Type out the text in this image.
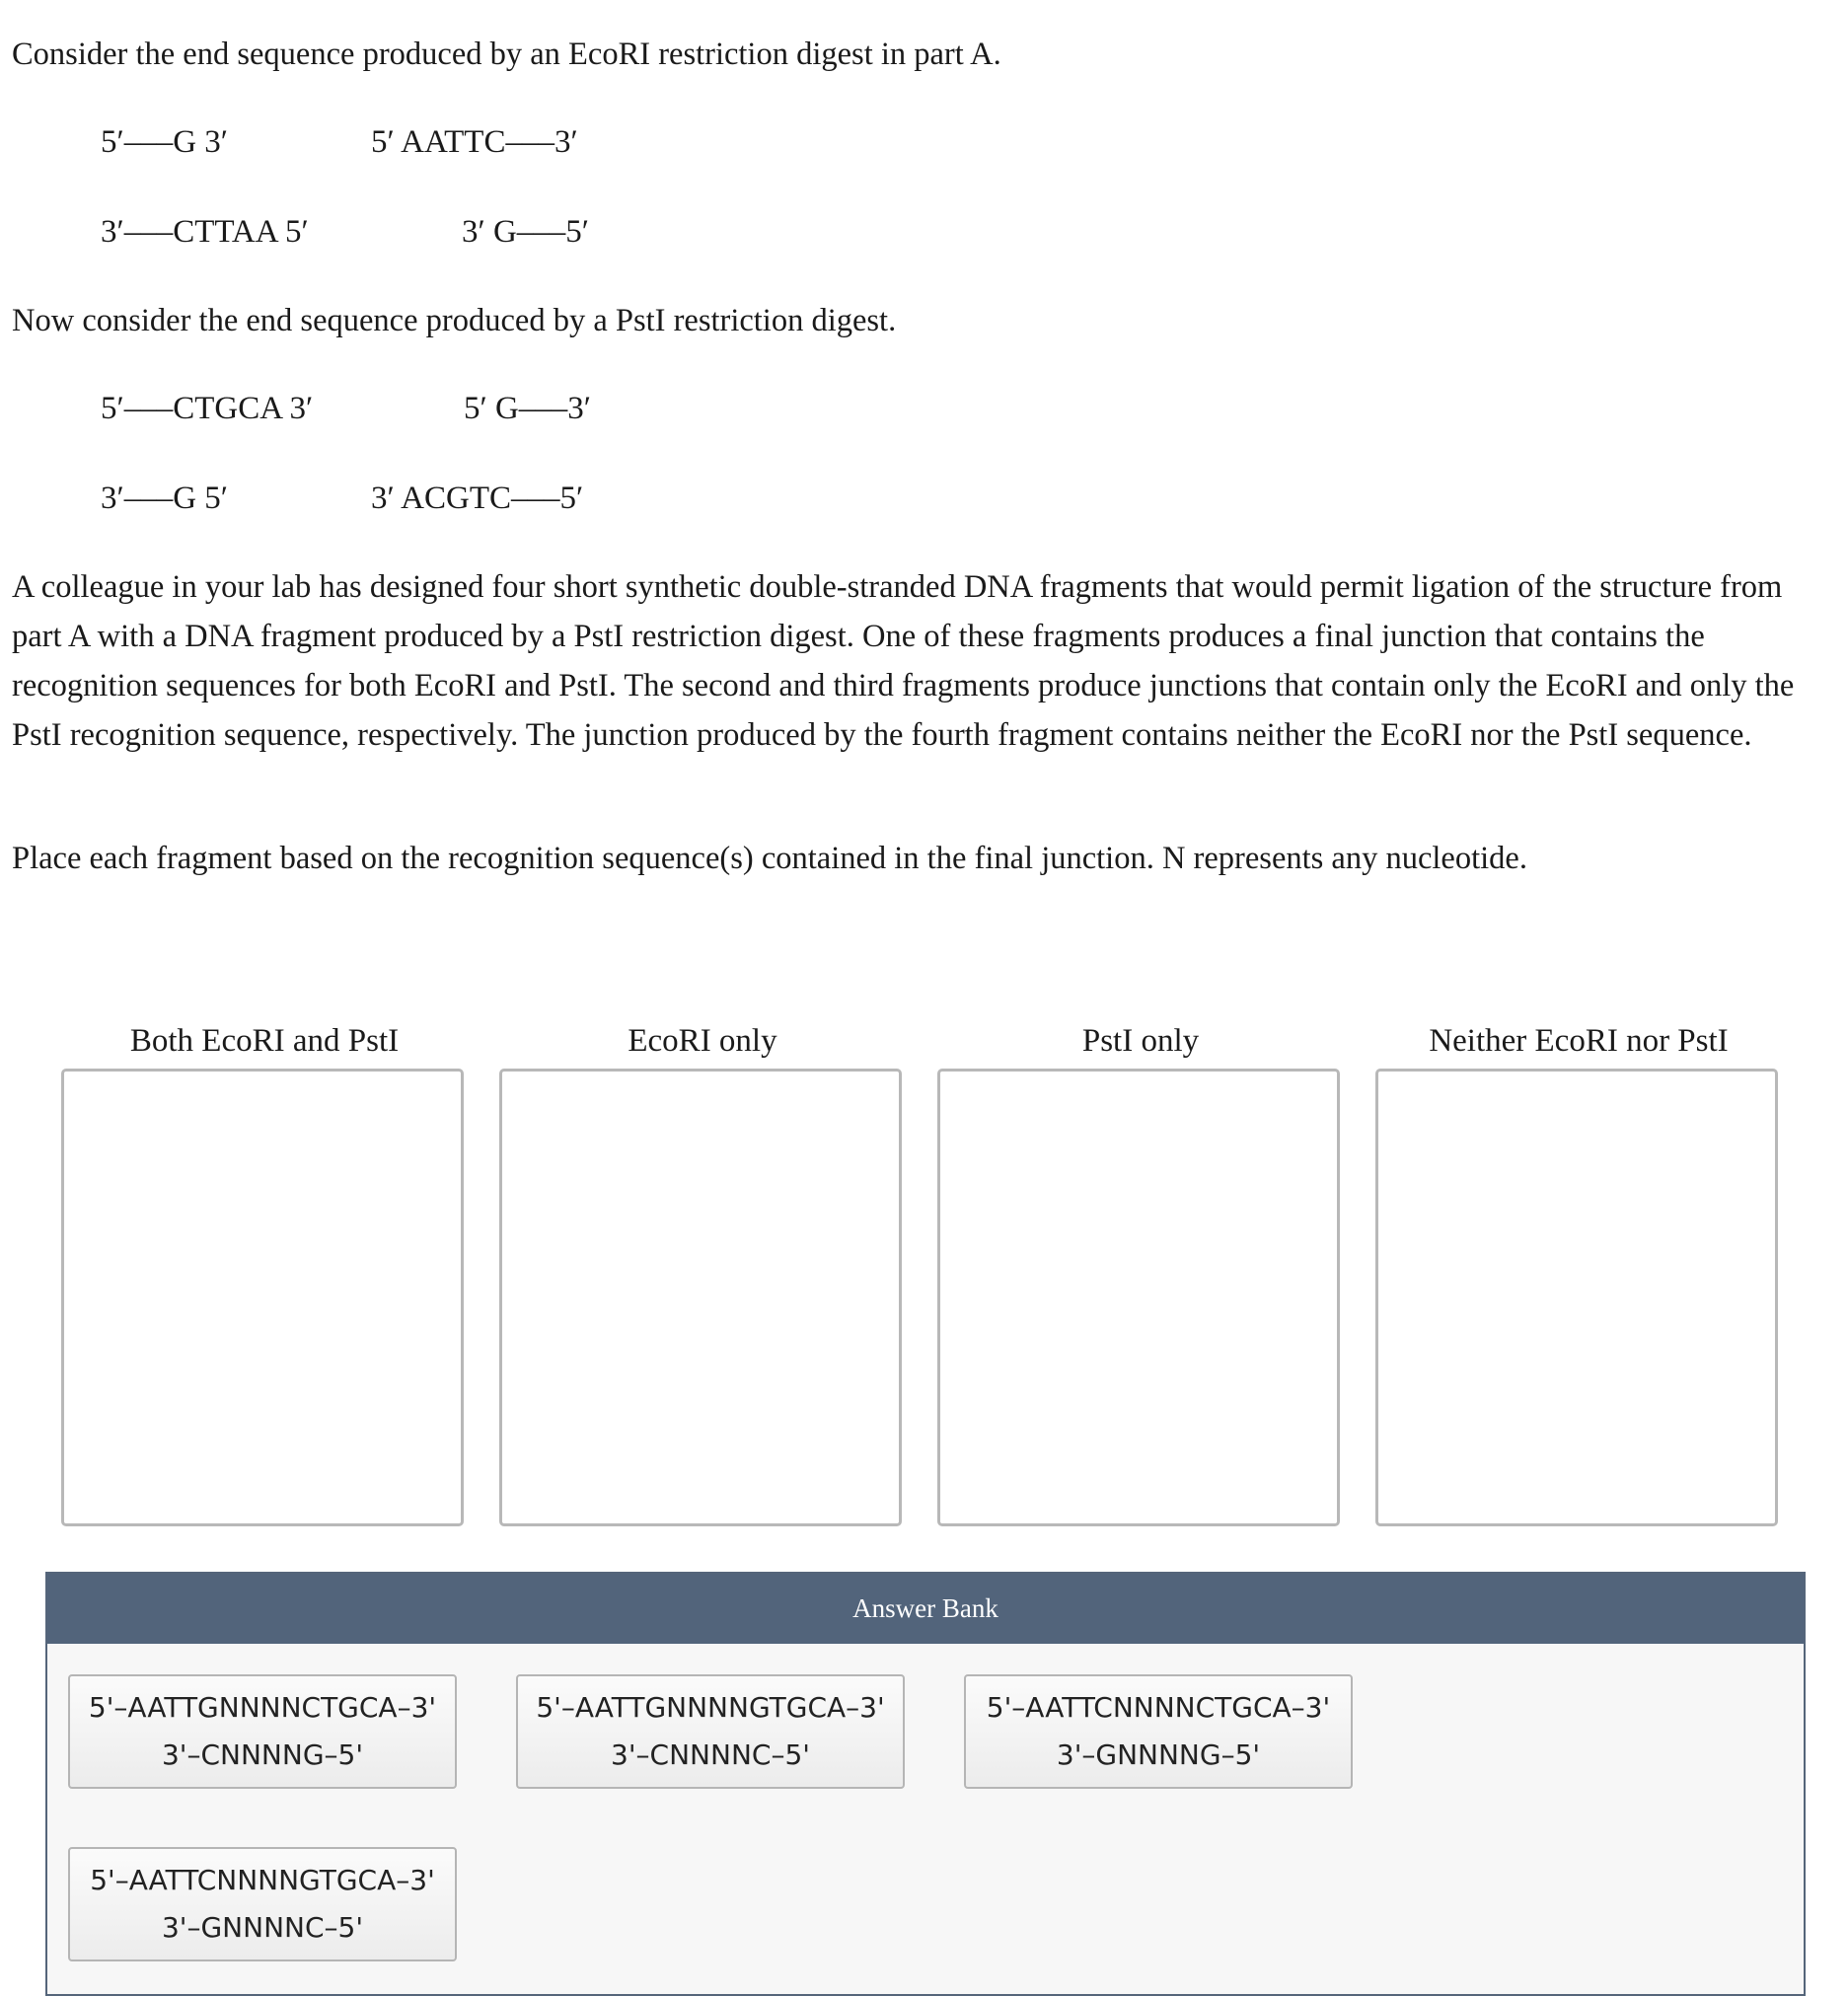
Consider the end sequence produced by an EcoRI restriction digest in part A.

5′–––G 3′	5′ AATTC–––3′
3′–––CTTAA 5′	3′ G–––5′

Now consider the end sequence produced by a PstI restriction digest.

5′–––CTGCA 3′	5′ G–––3′
3′–––G 5′	3′ ACGTC–––5′

A colleague in your lab has designed four short synthetic double-stranded DNA fragments that would permit ligation of the structure from part A with a DNA fragment produced by a PstI restriction digest. One of these fragments produces a final junction that contains the recognition sequences for both EcoRI and PstI. The second and third fragments produce junctions that contain only the EcoRI and only the PstI recognition sequence, respectively. The junction produced by the fourth fragment contains neither the EcoRI nor the PstI sequence.

Place each fragment based on the recognition sequence(s) contained in the final junction. N represents any nucleotide.

Both EcoRI and PstI	EcoRI only	PstI only	Neither EcoRI nor PstI
Answer Bank
5'–AATTGNNNNCTGCA–3'
3'–CNNNNG–5'
5'–AATTGNNNNGTGCA–3'
3'–CNNNNC–5'
5'–AATTCNNNNCTGCA–3'
3'–GNNNNG–5'
5'–AATTCNNNNGTGCA–3'
3'–GNNNNC–5'
